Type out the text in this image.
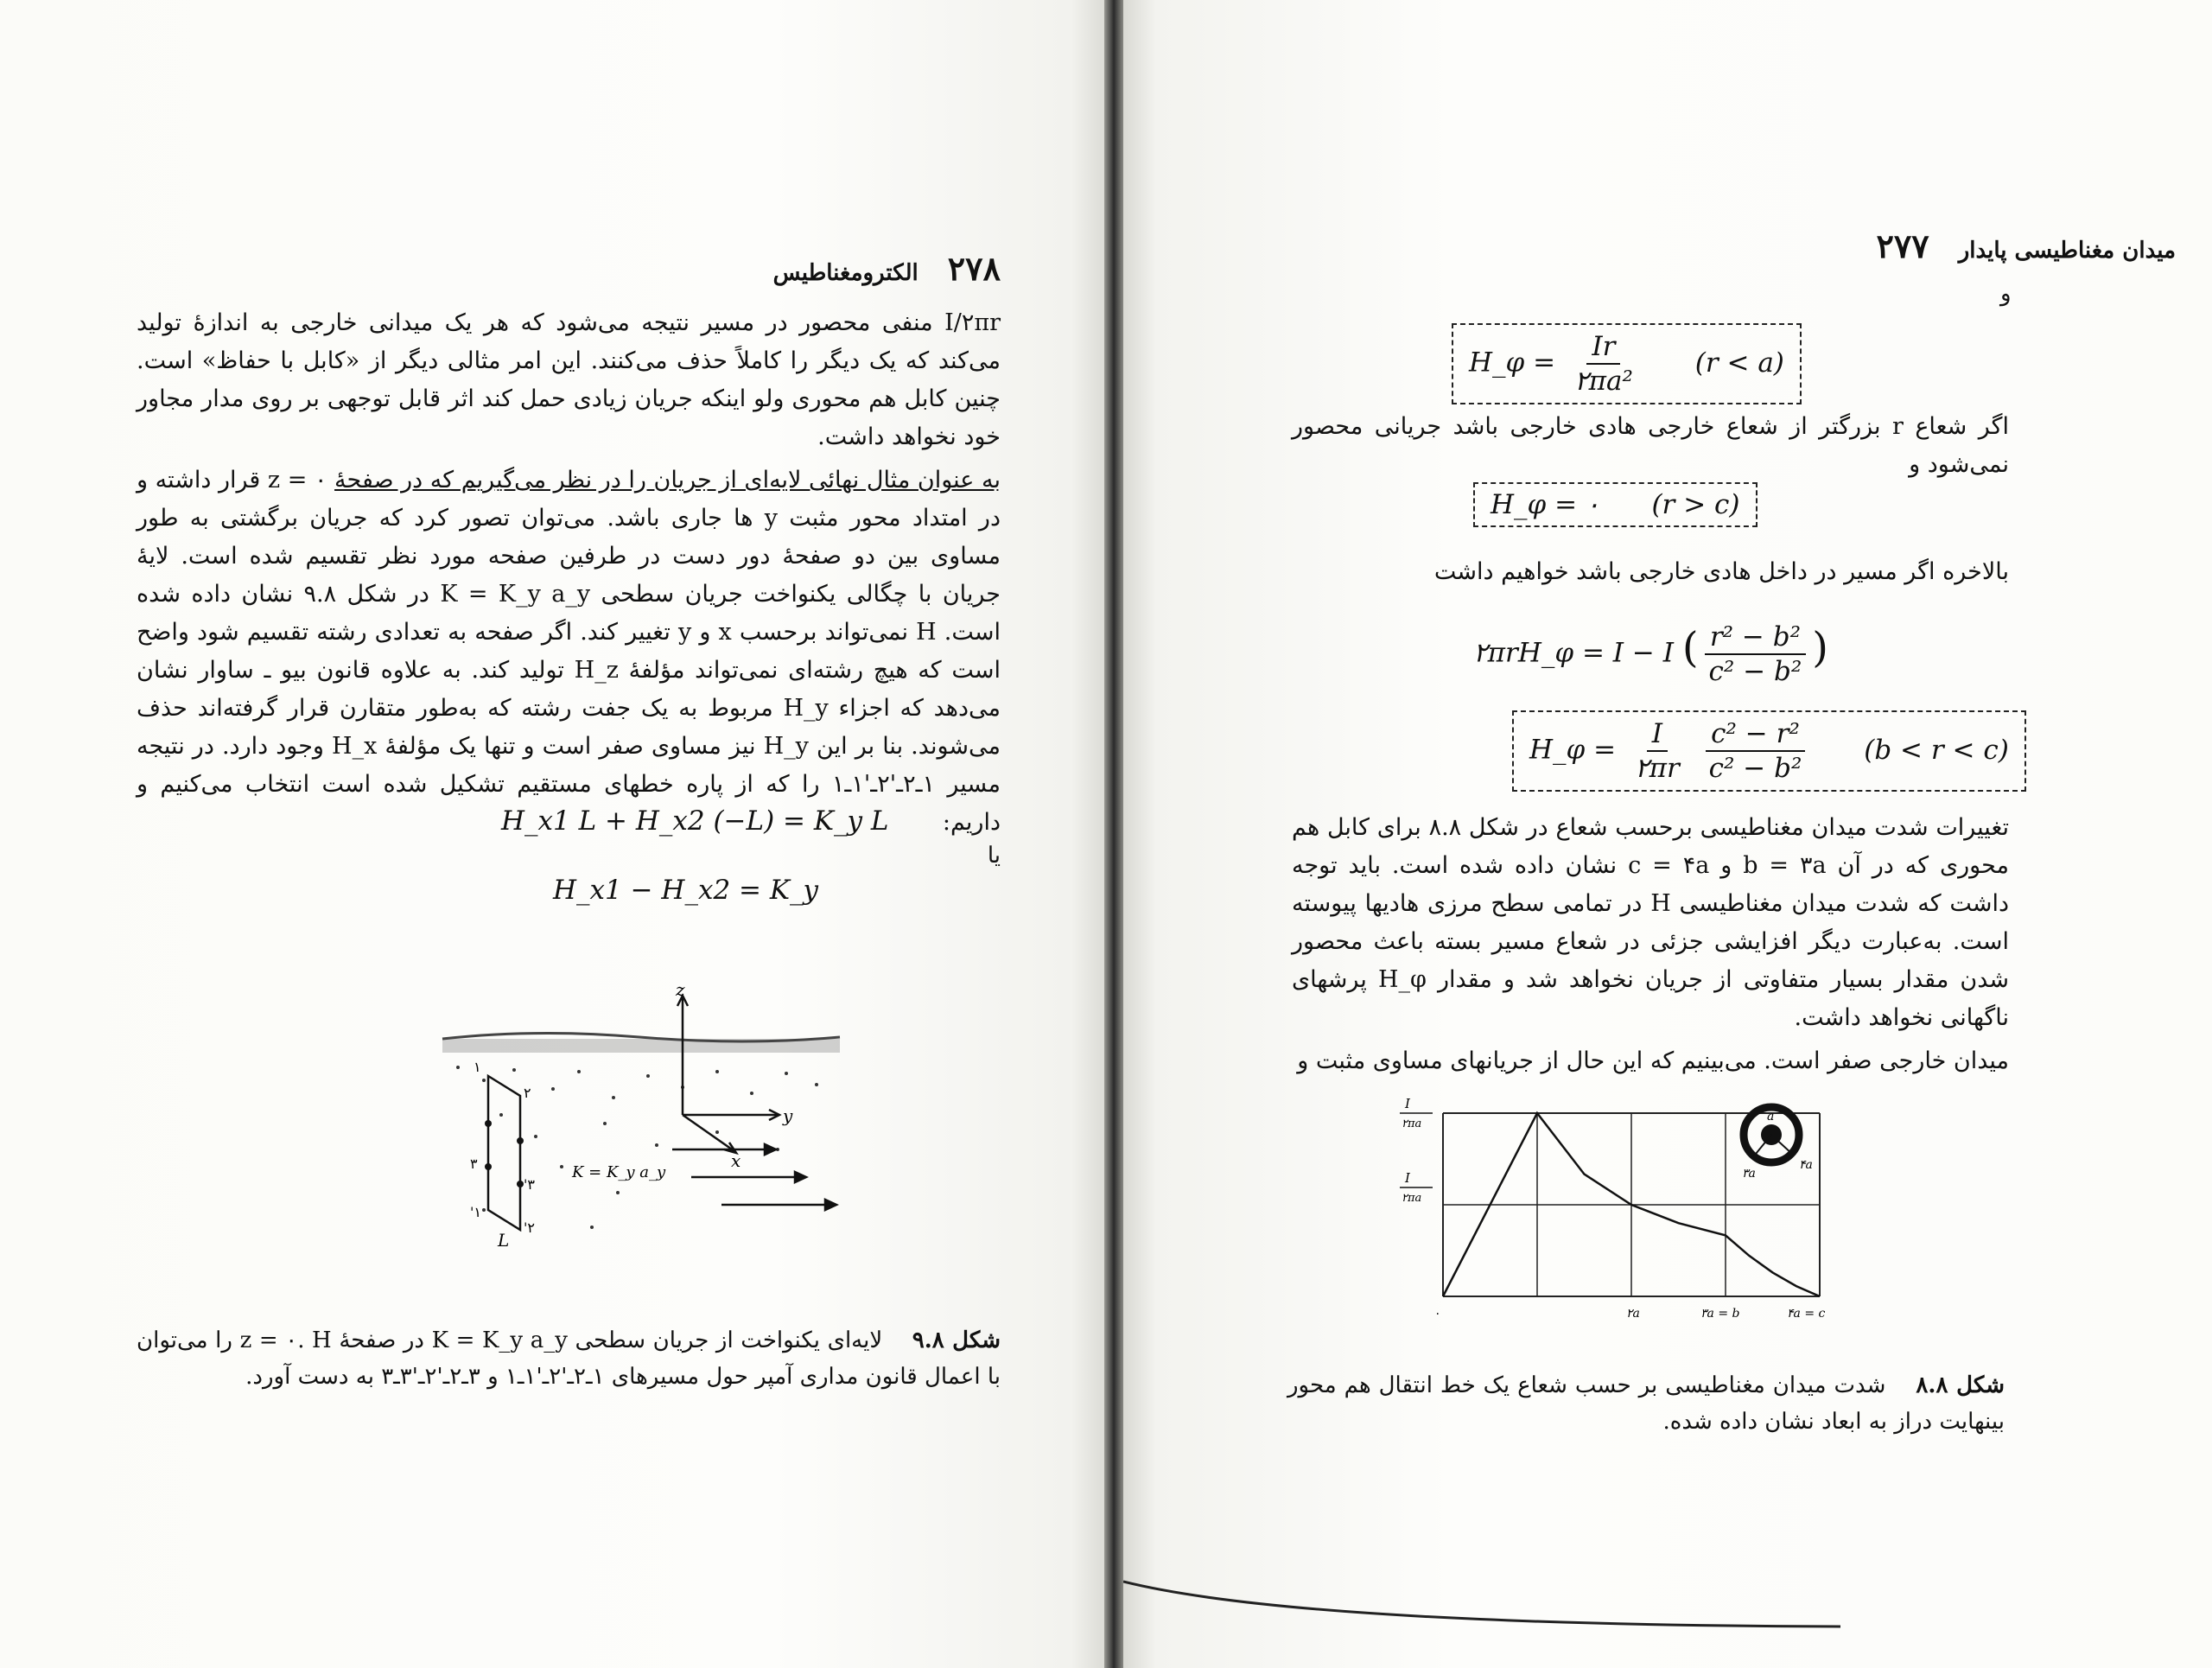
۲۷۸
الکترومغناطیس

I/۲πr منفی محصور در مسیر نتیجه می‌شود که هر یک میدانی خارجی به اندازهٔ تولید می‌کند که یک دیگر را کاملاً حذف می‌کنند. این امر مثالی دیگر از «کابل با حفاظ» است. چنین کابل هم محوری ولو اینکه جریان زیادی حمل کند اثر قابل توجهی بر روی مدار مجاور خود نخواهد داشت.

به عنوان مثال نهائی لایه‌ای از جریان را در نظر می‌گیریم که در صفحهٔ z = ۰ قرار داشته و در امتداد محور مثبت y ها جاری باشد. می‌توان تصور کرد که جریان برگشتی به طور مساوی بین دو صفحهٔ دور دست در طرفین صفحه مورد نظر تقسیم شده است. لایهٔ جریان با چگالی یکنواخت جریان سطحی K = K_y a_y در شکل ۹.۸ نشان داده شده است. H نمی‌تواند برحسب x و y تغییر کند. اگر صفحه به تعدادی رشته تقسیم شود واضح است که هیچ رشته‌ای نمی‌تواند مؤلفهٔ H_z تولید کند. به علاوه قانون بیو ـ ساوار نشان می‌دهد که اجزاء H_y مربوط به یک جفت رشته که به‌طور متقارن قرار گرفته‌اند حذف می‌شوند. بنا بر این H_y نیز مساوی صفر است و تنها یک مؤلفهٔ H_x وجود دارد. در نتیجه مسیر ۱ـ۲ـ'۲ـ'۱ـ۱ را که از پاره خطهای مستقیم تشکیل شده است انتخاب می‌کنیم و داریم:

H_x1 L + H_x2 (−L) = K_y L
یا
H_x1 − H_x2 = K_y
z
y
x
K = K_y a_y
۱
۲
'۲
'۱
۳
'۳
L
شکل ۹.۸ لایه‌ای یکنواخت از جریان سطحی K = K_y a_y در صفحهٔ z = ۰. H را می‌توان با اعمال قانون مداری آمپر حول مسیرهای ۱ـ۲ـ'۲ـ'۱ـ۱ و ۳ـ۲ـ'۲ـ'۳ـ۳ به دست آورد.
میدان مغناطیسی پایدار
۲۷۷
و
H_φ = $\frac{Ir}{\text{۲πa²}} (r < a)$
اگر شعاع r بزرگتر از شعاع خارجی هادی خارجی باشد جریانی محصور نمی‌شود و
H_φ = ۰ (r > c)
بالاخره اگر مسیر در داخل هادی خارجی باشد خواهیم داشت
۲πrH_φ = I − I ( $\frac{\text{r² − b²}}{\text{c² − b²}}$ )
H_φ = $\frac{I}{۲\pi r}$
$\frac{\text{c² − r²}}{\text{c² − b²}} (b < r < c)$

تغییرات شدت میدان مغناطیسی برحسب شعاع در شکل ۸.۸ برای کابل هم محوری که در آن b = ۳a و c = ۴a نشان داده شده است. باید توجه داشت که شدت میدان مغناطیسی H در تمامی سطح مرزی هادیها پیوسته است. به‌عبارت دیگر افزایشی جزئی در شعاع مسیر بسته باعث محصور شدن مقدار بسیار متفاوتی از جریان نخواهد شد و مقدار H_φ پرشهای ناگهانی نخواهد داشت.

میدان خارجی صفر است. می‌بینیم که این حال از جریانهای مساوی مثبت و

a
۳a
۴a
I
۲πa
I
۲πa
۰	۲a	۳a = b	۴a = c
شکل ۸.۸ شدت میدان مغناطیسی بر حسب شعاع یک خط انتقال هم محور بینهایت دراز به ابعاد نشان داده شده.
